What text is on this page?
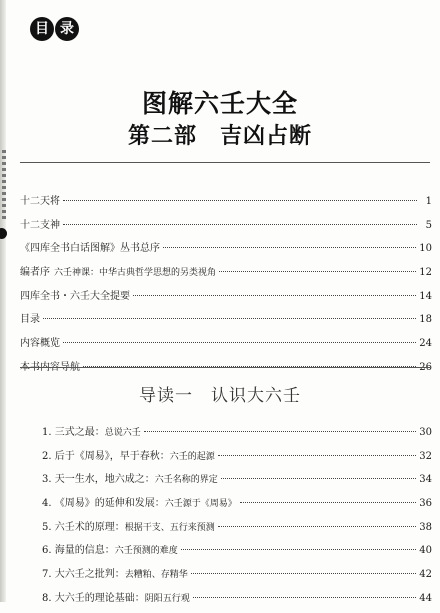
目 录
图解六壬大全
第二部　吉凶占断
十二天将	1
十二支神	5
《四库全书白话图解》丛书总序	10
编者序 六壬神课：中华古典哲学思想的另类视角	12
四库全书・六壬大全提要	14
目录	18
内容概览	24
本书内容导航	26
导读一　认识大六壬
1. 三式之最： 总说六壬	30
2. 后于《周易》，早于春秋： 六壬的起源	32
3. 天一生水，地六成之： 六壬名称的界定	34
4. 《周易》的延伸和发展： 六壬源于《周易》	36
5. 六壬术的原理： 根据干支、五行来预测	38
6. 海量的信息： 六壬预测的难度	40
7. 大六壬之批判： 去糟粕、存精华	42
8. 大六壬的理论基础： 阴阳五行观	44
